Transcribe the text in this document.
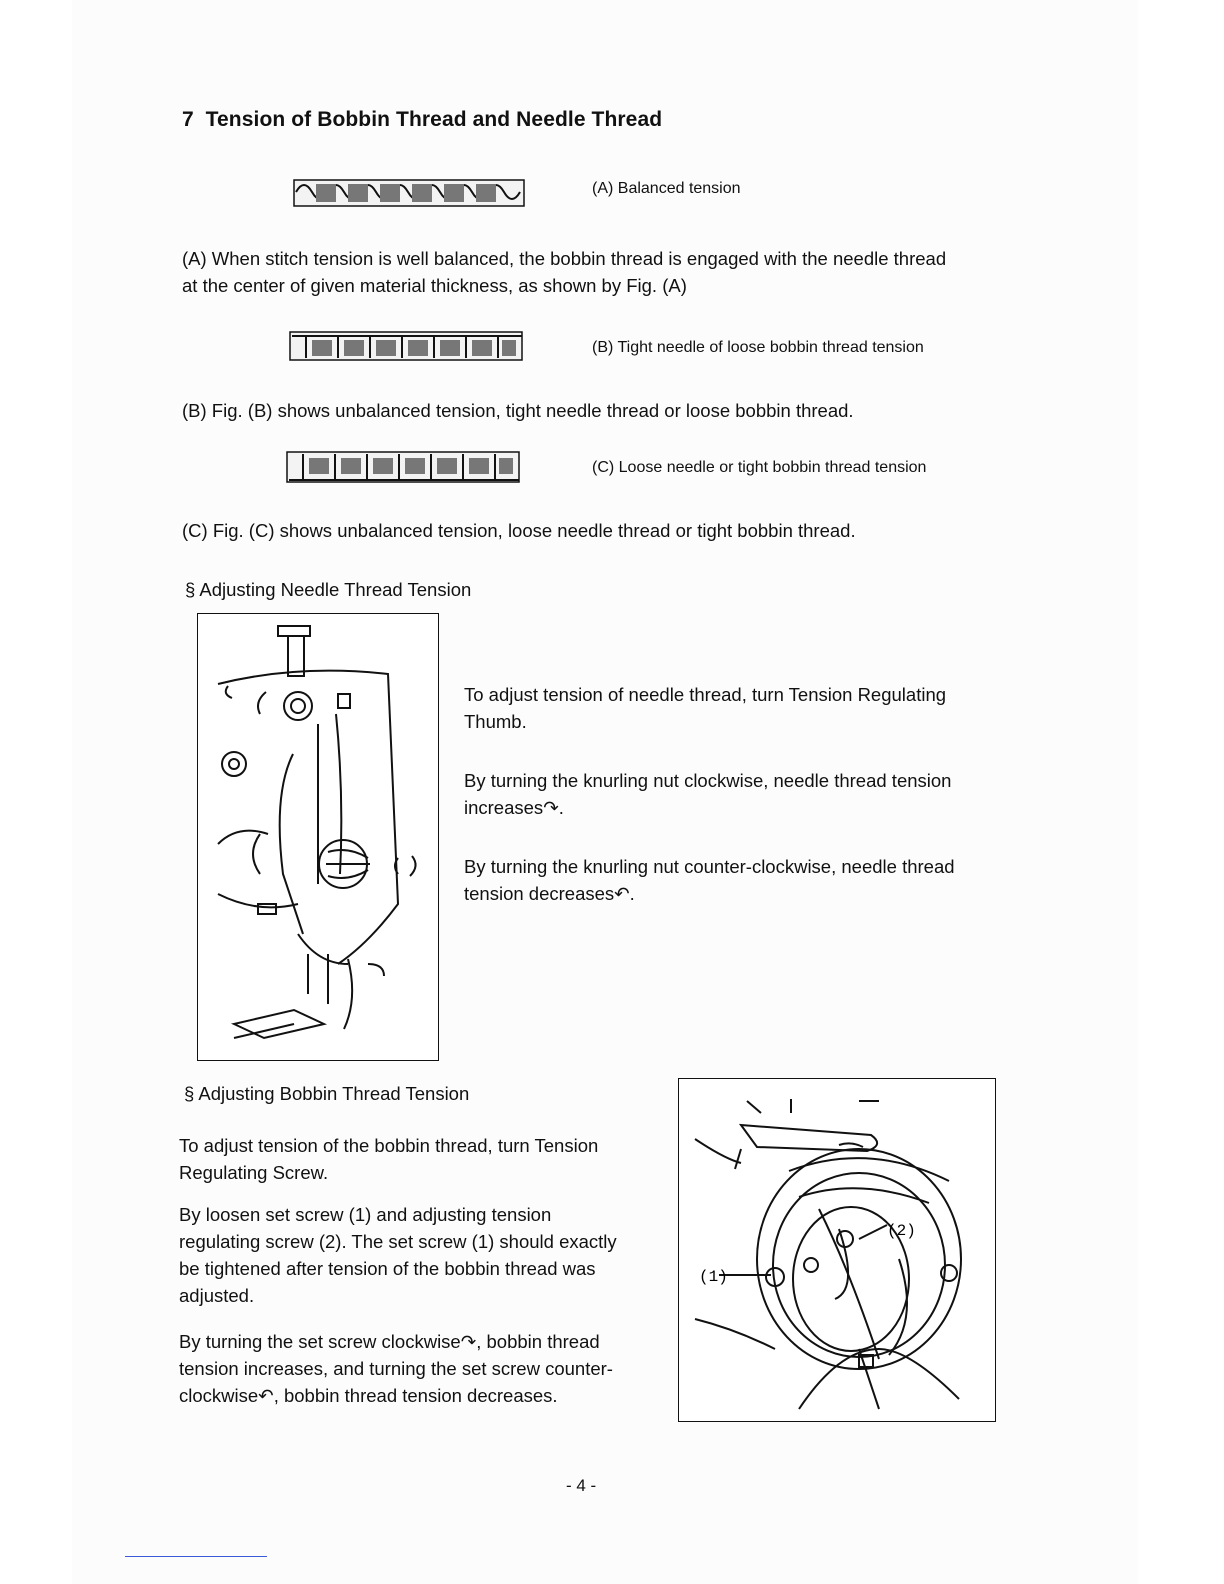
7 Tension of Bobbin Thread and Needle Thread
(A) Balanced tension
(A) When stitch tension is well balanced, the bobbin thread is engaged with the needle thread
at the center of given material thickness, as shown by Fig. (A)
(B) Tight needle of loose bobbin thread tension
(B) Fig. (B) shows unbalanced tension, tight needle thread or loose bobbin thread.
(C) Loose needle or tight bobbin thread tension
(C) Fig. (C) shows unbalanced tension, loose needle thread or tight bobbin thread.
§ Adjusting Needle Thread Tension
To adjust tension of needle thread, turn Tension Regulating
Thumb.
By turning the knurling nut clockwise, needle thread tension
increases↷.
By turning the knurling nut counter-clockwise, needle thread
tension decreases↶.
§ Adjusting Bobbin Thread Tension
To adjust tension of the bobbin thread, turn Tension
Regulating Screw.
By loosen set screw (1) and adjusting tension
regulating screw (2). The set screw (1) should exactly
be tightened after tension of the bobbin thread was
adjusted.
By turning the set screw clockwise↷, bobbin thread
tension increases, and turning the set screw counter-
clockwise↶, bobbin thread tension decreases.
(1)
(2)
- 4 -
